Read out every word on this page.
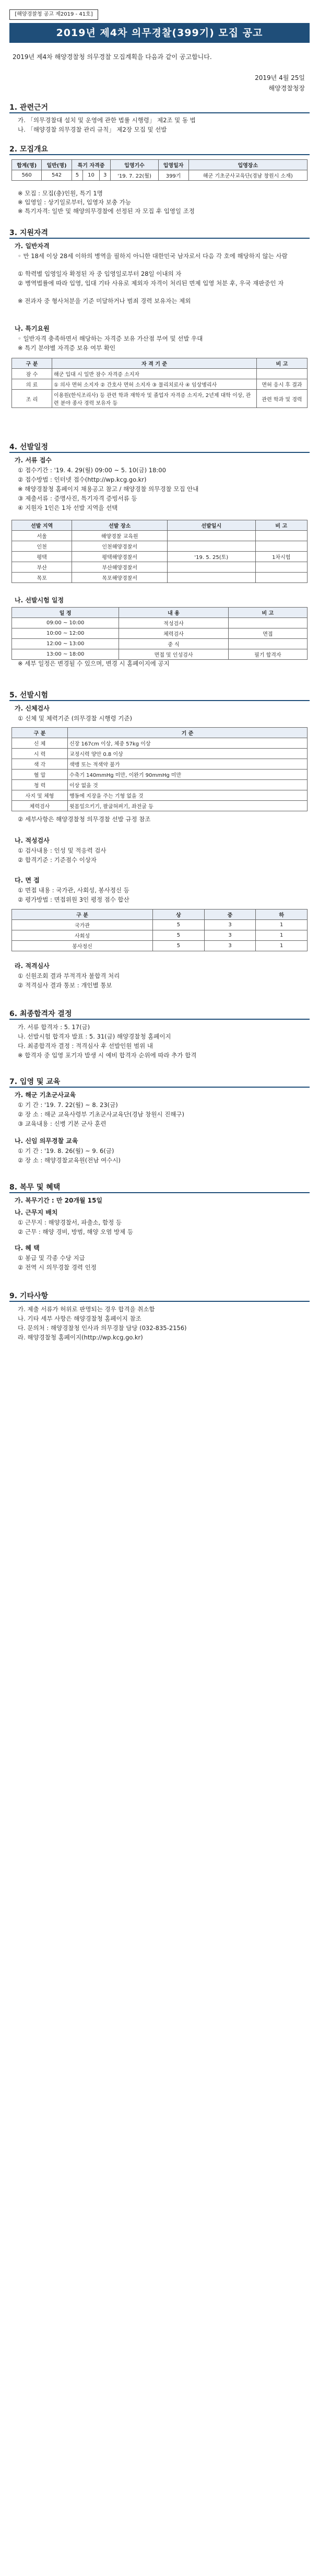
[해양경찰청 공고 제2019 - 41호]
2019년 제4차 의무경찰(399기) 모집 공고
2019년 제4차 해양경찰청 의무경찰 모집계획을 다음과 같이 공고합니다.
2019년 4월 25일
해양경찰청장
1. 관련근거
가. 「의무경찰대 설치 및 운영에 관한 법률 시행령」 제2조 및 동 법
나. 「해양경찰 의무경찰 관리 규칙」 제2장 모집 및 선발
2. 모집개요
합계(명)	일반(명)	특기 자격증			입영기수	입영일자	입영장소
560	542	5	10	3	'19. 7. 22(월)	399기	해군 기초군사교육단(경남 창원시 소재)
※ 모집 : 모집(충)인원, 특기 1명
※ 입영일 : 상기일로부터, 입영자 보충 가능
※ 특기자격: 일반 및 해양의무경찰에 선정된 자 모집 후 입영일 조정
3. 지원자격
가. 일반자격
◦ 만 18세 이상 28세 이하의 병역을 필하지 아니한 대한민국 남자로서 다음 각 호에 해당하지 않는 사람
① 학력별 입영일자 확정된 자 중 입영일로부터 28일 이내의 자
② 병역법률에 따라 입영, 입대 기타 사유로 제외자 자격이 처리된 면제 입영 처분 후, 우국 재판중인 자
※ 전과자 중 형사처분을 기준 미달하거나 범죄 경력 보유자는 제외
나. 특기요원
◦ 일반자격 충족하면서 해당하는 자격증 보유 가산점 부여 및 선발 우대
※ 특기 분야별 자격증 보유 여부 확인
구 분	자 격 기 준	비 고
잠 수	해군 입대 시 일반 잠수 자격증 소지자	
의 료	① 의사 면허 소지자 ② 간호사 면허 소지자 ③ 물리치료사 ④ 임상병리사	면허 응시 후 결과
조 리	이용원(한식조리사) 등 관련 학과 재학자 및 졸업자 자격증 소지자, 2년제 대학 이상, 관련 분야 종사 경력 보유자 등	관련 학과 및 경력
4. 선발일정
가. 서류 접수
① 접수기간 : '19. 4. 29(월) 09:00 ~ 5. 10(금) 18:00
② 접수방법 : 인터넷 접수(http://wp.kcg.go.kr)
※ 해양경찰청 홈페이지 채용공고 참고 / 해양경찰 의무경찰 모집 안내
③ 제출서류 : 증명사진, 특기자격 증빙서류 등
④ 지원자 1인은 1차 선발 지역을 선택
선발 지역	선발 장소	선발일시	비 고
서울	해양경찰 교육원		
인천	인천해양경찰서		
평택	평택해양경찰서	'19. 5. 25(토)	1차시험
부산	부산해양경찰서		
목포	목포해양경찰서		
나. 선발시험 일정
일 정	내 용	비 고
09:00 ~ 10:00	적성검사	
10:00 ~ 12:00	체력검사	면접
12:00 ~ 13:00	중 식	
13:00 ~ 18:00	면접 및 인성검사	필기 합격자
※ 세부 일정은 변경될 수 있으며, 변경 시 홈페이지에 공지
5. 선발시험
가. 신체검사
① 신체 및 체력기준 (의무경찰 시행령 기준)
구 분	기 준
신 체	신장 167cm 이상, 체중 57kg 이상
시 력	교정시력 양안 0.8 이상
색 각	색맹 또는 적색약 불가
혈 압	수축기 140mmHg 미만, 이완기 90mmHg 미만
청 력	이상 없을 것
사지 및 체형	행동에 지장을 주는 기형 없을 것
체력검사	윗몸일으키기, 팔굽혀펴기, 좌전굴 등
② 세부사항은 해양경찰청 의무경찰 선발 규정 참조
나. 적성검사
① 검사내용 : 인성 및 적응력 검사
② 합격기준 : 기준점수 이상자
다. 면 접
① 면접 내용 : 국가관, 사회성, 봉사정신 등
② 평가방법 : 면접위원 3인 평정 점수 합산
구 분	상	중	하
국가관	5	3	1
사회성	5	3	1
봉사정신	5	3	1
라. 적격심사
① 신원조회 결과 부적격자 불합격 처리
② 적격심사 결과 통보 : 개인별 통보
6. 최종합격자 결정
가. 서류 합격자 : 5. 17(금)
나. 선발시험 합격자 발표 : 5. 31(금) 해양경찰청 홈페이지
다. 최종합격자 결정 : 적격심사 후 선발인원 범위 내
※ 합격자 중 입영 포기자 발생 시 예비 합격자 순위에 따라 추가 합격
7. 입영 및 교육
가. 해군 기초군사교육
① 기 간 : '19. 7. 22(월) ~ 8. 23(금)
② 장 소 : 해군 교육사령부 기초군사교육단(경남 창원시 진해구)
③ 교육내용 : 신병 기본 군사 훈련
나. 신임 의무경찰 교육
① 기 간 : '19. 8. 26(월) ~ 9. 6(금)
② 장 소 : 해양경찰교육원(전남 여수시)
8. 복무 및 혜택
가. 복무기간 : 만 20개월 15일
나. 근무지 배치
① 근무지 : 해양경찰서, 파출소, 함정 등
② 근무 : 해양 경비, 방범, 해양 오염 방제 등
다. 혜 택
① 봉급 및 각종 수당 지급
② 전역 시 의무경찰 경력 인정
9. 기타사항
가. 제출 서류가 허위로 판명되는 경우 합격을 취소함
나. 기타 세부 사항은 해양경찰청 홈페이지 참조
다. 문의처 : 해양경찰청 인사과 의무경찰 담당 (032-835-2156)
라. 해양경찰청 홈페이지(http://wp.kcg.go.kr)
